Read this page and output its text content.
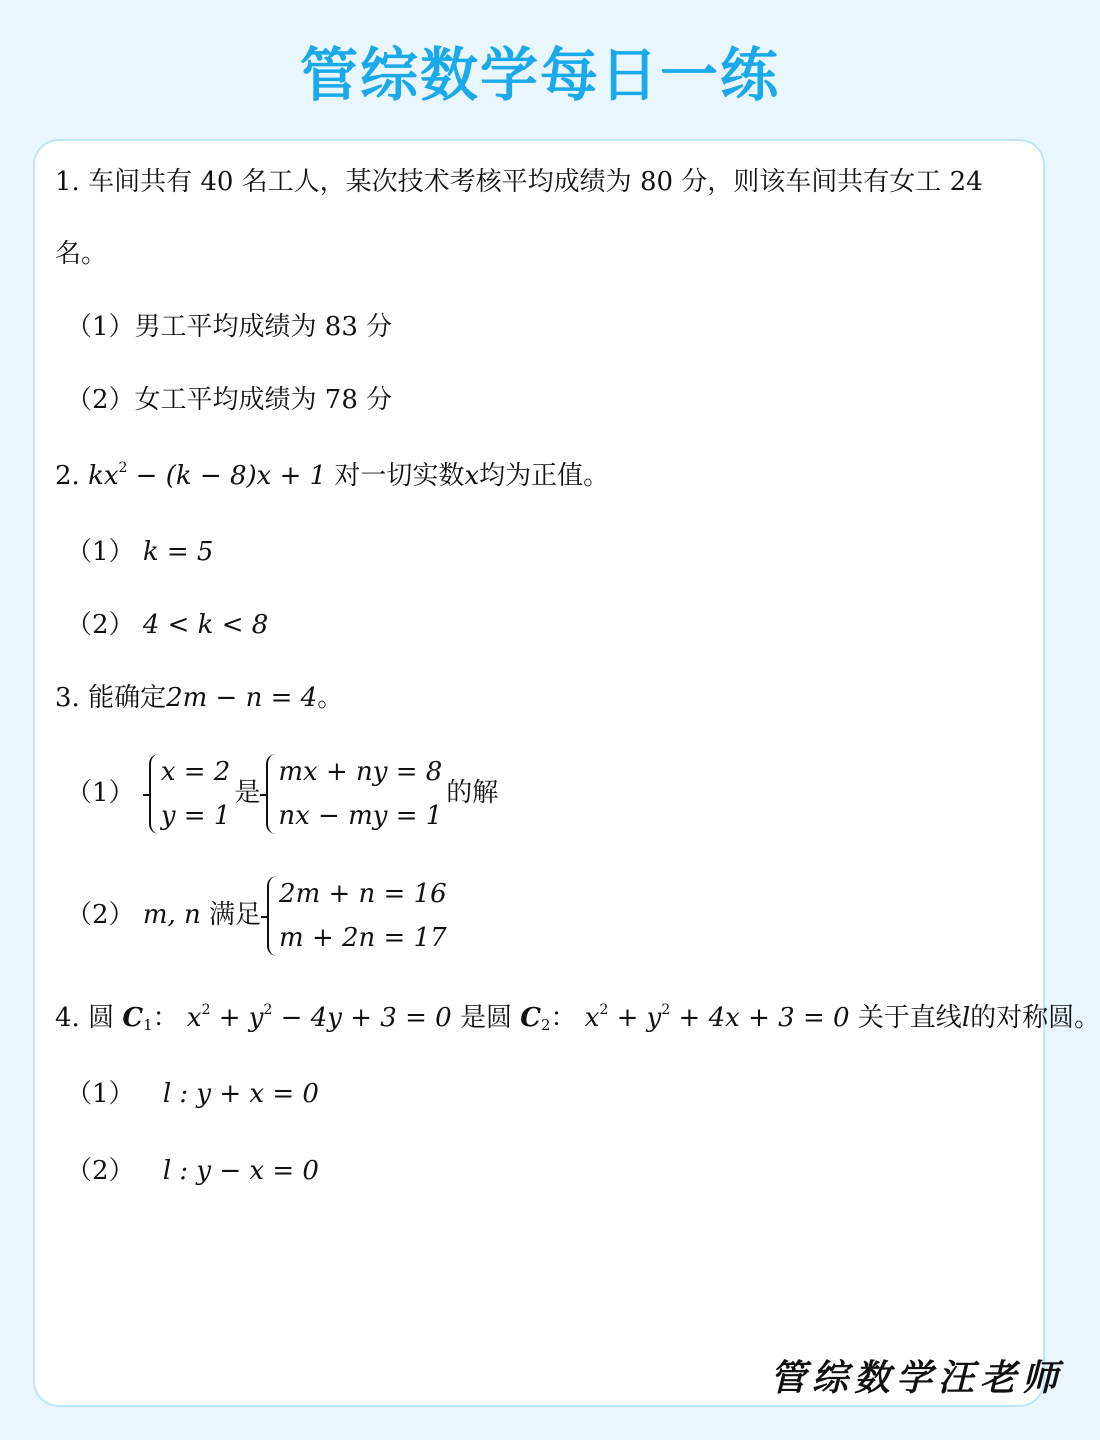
管综数学每日一练
1. 车间共有 40 名工人，某次技术考核平均成绩为 80 分，则该车间共有女工 24
名。
（1）男工平均成绩为 83 分
（2）女工平均成绩为 78 分
2. $kx^2 - (k - 8)x + 1$ 对一切实数x均为正值。
（1） k = 5
（2） 4 < k < 8
3. 能确定2m − n = 4。
（1）
x = 2
y = 1
是
mx + ny = 8
nx − my = 1
的解
（2） m, n 满足
2m + n = 16
m + 2n = 17
4. 圆 $C_1$： $x^2 + y^2 - 4y + 3 = 0$ 是圆 $C_2$： $x^2 + y^2 + 4x + 3 = 0$ 关于直线l的对称圆。
（1） l : y + x = 0
（2） l : y − x = 0
管综数学汪老师
